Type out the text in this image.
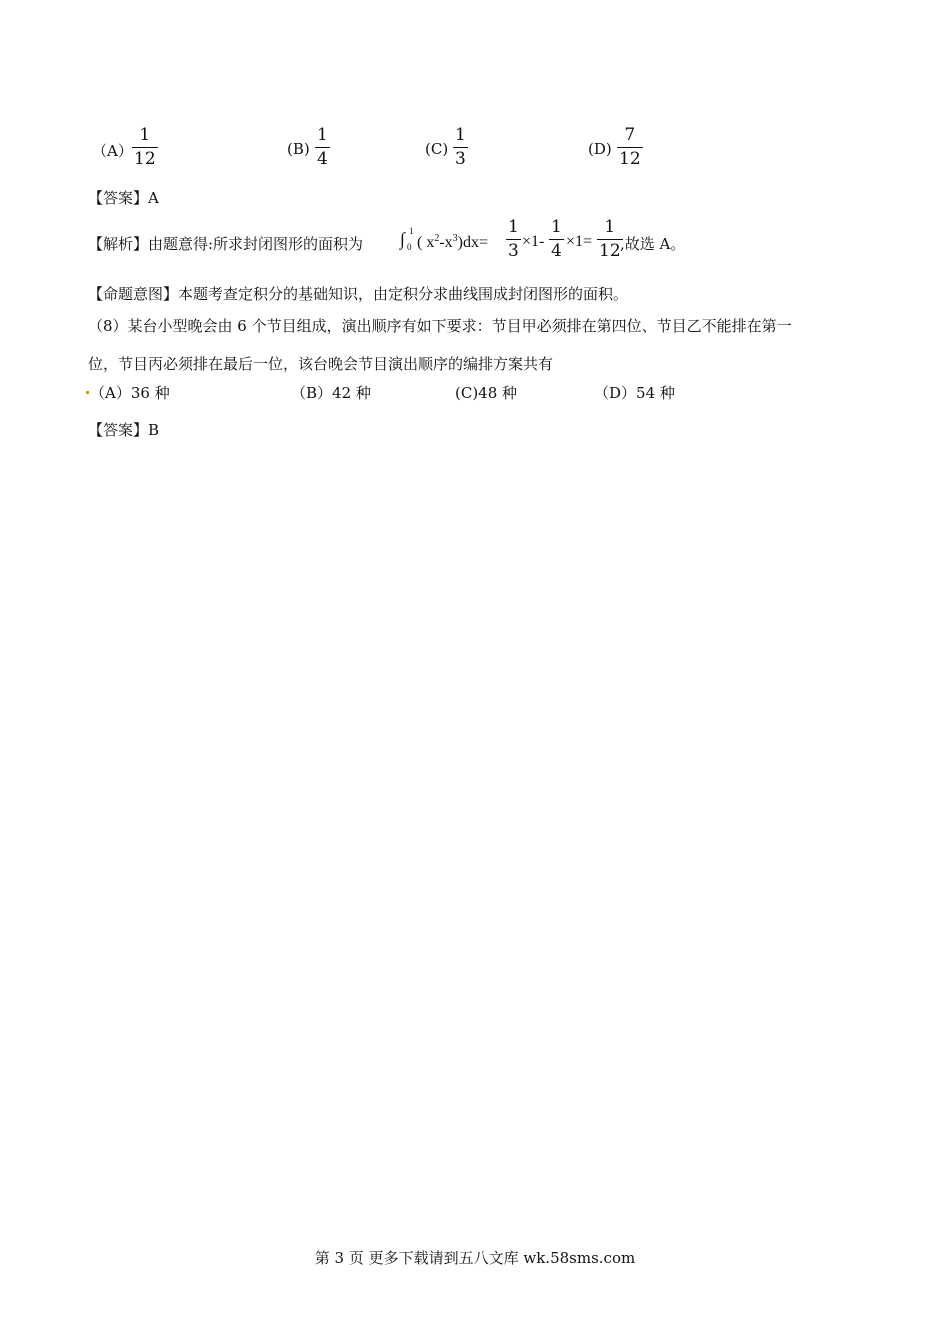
（A）
1
12	(B)
1
4	(C)
1
3	(D)
7
12
【答案】A
【解析】由题意得:所求封闭图形的面积为 ∫ 1
0 ( $x^2-x^3)dx=$
1
3 ×1-
1
4 ×1=
1
12 ,故选 A。
【命题意图】本题考查定积分的基础知识，由定积分求曲线围成封闭图形的面积。
（8）某台小型晚会由 6 个节目组成，演出顺序有如下要求：节目甲必须排在第四位、节目乙不能排在第一
位，节目丙必须排在最后一位，该台晚会节目演出顺序的编排方案共有
（A）36 种	（B）42 种	(C)48 种	（D）54 种
【答案】B
第 3 页 更多下载请到五八文库 wk.58sms.com
